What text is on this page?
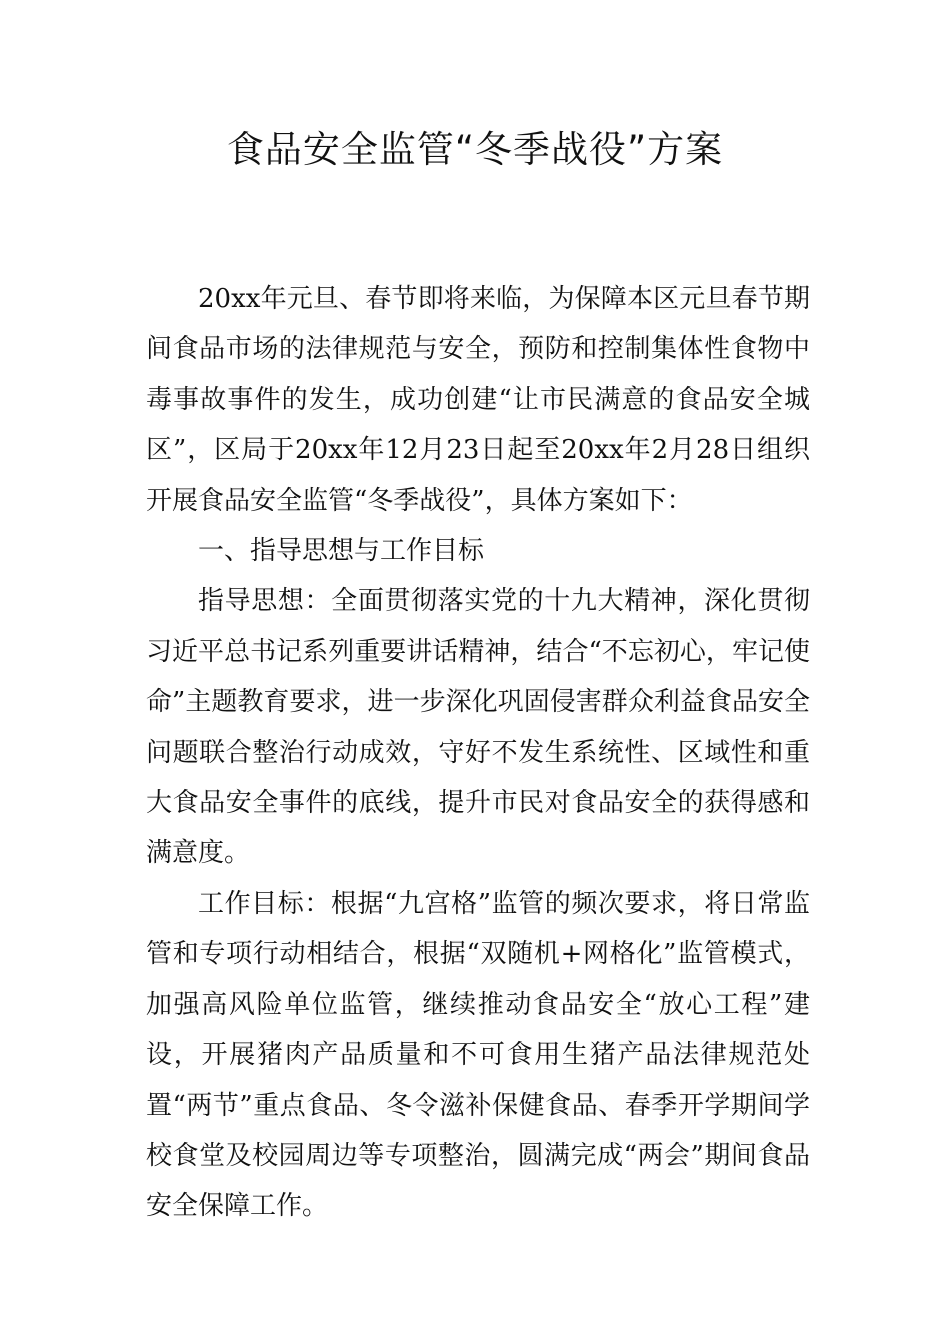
食品安全监管“冬季战役”方案

20xx年元旦、春节即将来临，为保障本区元旦春节期间食品市场的法律规范与安全，预防和控制集体性食物中毒事故事件的发生，成功创建“让市民满意的食品安全城区”，区局于20xx年12月23日起至20xx年2月28日组织开展食品安全监管“冬季战役”，具体方案如下：

一、指导思想与工作目标

指导思想：全面贯彻落实党的十九大精神，深化贯彻习近平总书记系列重要讲话精神，结合“不忘初心，牢记使命”主题教育要求，进一步深化巩固侵害群众利益食品安全问题联合整治行动成效，守好不发生系统性、区域性和重大食品安全事件的底线，提升市民对食品安全的获得感和满意度。

工作目标：根据“九宫格”监管的频次要求，将日常监管和专项行动相结合，根据“双随机+网格化”监管模式，加强高风险单位监管，继续推动食品安全“放心工程”建设，开展猪肉产品质量和不可食用生猪产品法律规范处置“两节”重点食品、冬令滋补保健食品、春季开学期间学校食堂及校园周边等专项整治，圆满完成“两会”期间食品安全保障工作。
